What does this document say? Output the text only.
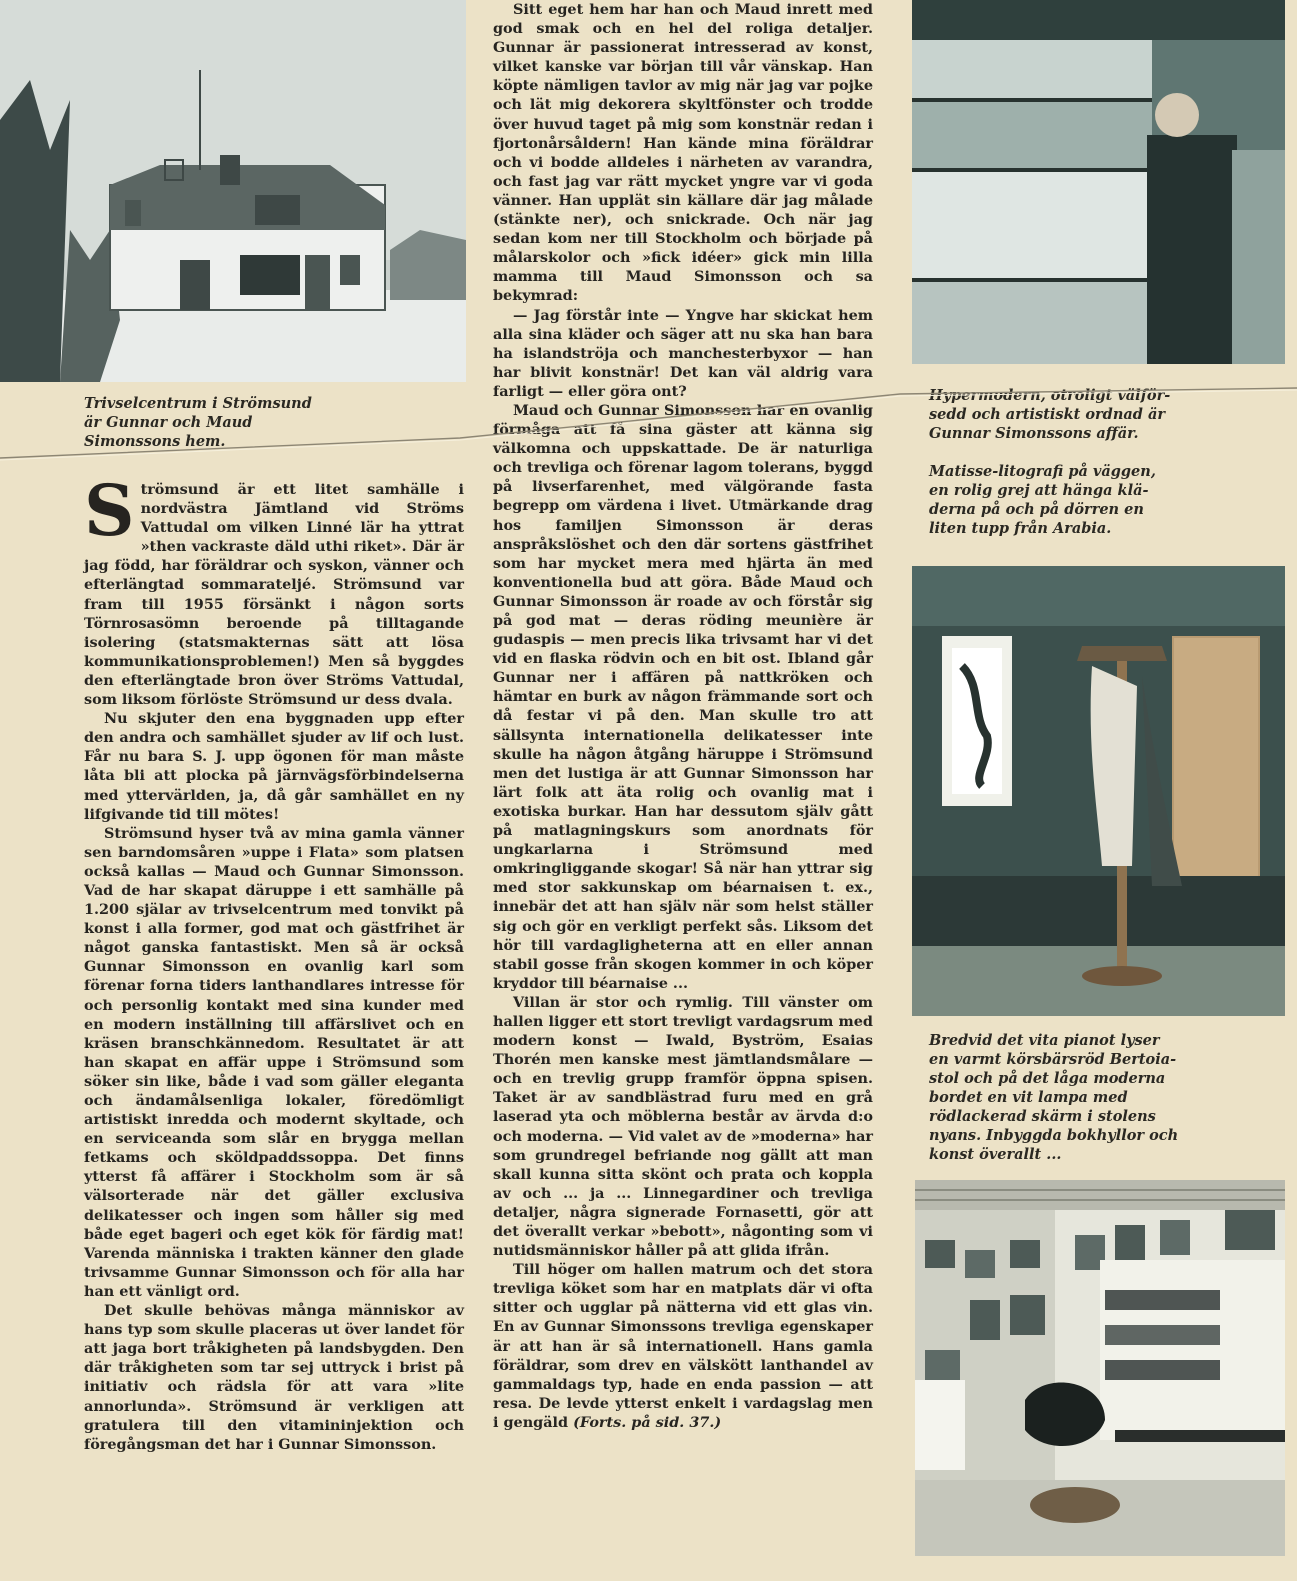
Trivselcentrum i Strömsund
är Gunnar och Maud
Simonssons hem.

Hypermodern, otroligt välför-
sedd och artistiskt ordnad är
Gunnar Simonssons affär.

Matisse-litografi på väggen,
en rolig grej att hänga klä-
derna på och på dörren en
liten tupp från Arabia.

Bredvid det vita pianot lyser
en varmt körsbärsröd Bertoia-
stol och på det låga moderna
bordet en vit lampa med
rödlackerad skärm i stolens
nyans. Inbyggda bokhyllor och
konst överallt ...

Strömsund är ett litet samhälle i nordvästra Jämtland vid Ströms Vattudal om vilken Linné lär ha yttrat »then vackraste däld uthi riket». Där är jag född, har föräldrar och syskon, vänner och efterlängtad sommarateljé. Strömsund var fram till 1955 försänkt i någon sorts Törnrosasömn beroende på tilltagande isolering (statsmakternas sätt att lösa kommunikationsproblemen!) Men så byggdes den efterlängtade bron över Ströms Vattudal, som liksom förlöste Strömsund ur dess dvala.

Nu skjuter den ena byggnaden upp efter den andra och samhället sjuder av lif och lust. Får nu bara S. J. upp ögonen för man måste låta bli att plocka på järnvägsförbindelserna med yttervärlden, ja, då går samhället en ny lifgivande tid till mötes!

Strömsund hyser två av mina gamla vänner sen barndomsåren »uppe i Flata» som platsen också kallas — Maud och Gunnar Simonsson. Vad de har skapat däruppe i ett samhälle på 1.200 själar av trivselcentrum med tonvikt på konst i alla former, god mat och gästfrihet är något ganska fantastiskt. Men så är också Gunnar Simonsson en ovanlig karl som förenar forna tiders lanthandlares intresse för och personlig kontakt med sina kunder med en modern inställning till affärslivet och en kräsen branschkännedom. Resultatet är att han skapat en affär uppe i Strömsund som söker sin like, både i vad som gäller eleganta och ändamålsenliga lokaler, föredömligt artistiskt inredda och modernt skyltade, och en serviceanda som slår en brygga mellan fetkams och sköldpaddssoppa. Det finns ytterst få affärer i Stockholm som är så välsorterade när det gäller exclusiva delikatesser och ingen som håller sig med både eget bageri och eget kök för färdig mat! Varenda människa i trakten känner den glade trivsamme Gunnar Simonsson och för alla har han ett vänligt ord.

Det skulle behövas många människor av hans typ som skulle placeras ut över landet för att jaga bort tråkigheten på landsbygden. Den där tråkigheten som tar sej uttryck i brist på initiativ och rädsla för att vara »lite annorlunda». Strömsund är verkligen att gratulera till den vitamininjektion och föregångsman det har i Gunnar Simonsson.

Sitt eget hem har han och Maud inrett med god smak och en hel del roliga detaljer. Gunnar är passionerat intresserad av konst, vilket kanske var början till vår vänskap. Han köpte nämligen tavlor av mig när jag var pojke och lät mig dekorera skyltfönster och trodde över huvud taget på mig som konstnär redan i fjortonårsåldern! Han kände mina föräldrar och vi bodde alldeles i närheten av varandra, och fast jag var rätt mycket yngre var vi goda vänner. Han upplät sin källare där jag målade (stänkte ner), och snickrade. Och när jag sedan kom ner till Stockholm och började på målarskolor och »fick idéer» gick min lilla mamma till Maud Simonsson och sa bekymrad:

— Jag förstår inte — Yngve har skickat hem alla sina kläder och säger att nu ska han bara ha islandströja och manchesterbyxor — han har blivit konstnär! Det kan väl aldrig vara farligt — eller göra ont?

Maud och Gunnar Simonsson har en ovanlig förmåga att få sina gäster att känna sig välkomna och uppskattade. De är naturliga och trevliga och förenar lagom tolerans, byggd på livserfarenhet, med välgörande fasta begrepp om värdena i livet. Utmärkande drag hos familjen Simonsson är deras anspråkslöshet och den där sortens gästfrihet som har mycket mera med hjärta än med konventionella bud att göra. Både Maud och Gunnar Simonsson är roade av och förstår sig på god mat — deras röding meunière är gudaspis — men precis lika trivsamt har vi det vid en flaska rödvin och en bit ost. Ibland går Gunnar ner i affären på nattkröken och hämtar en burk av någon främmande sort och då festar vi på den. Man skulle tro att sällsynta internationella delikatesser inte skulle ha någon åtgång häruppe i Strömsund men det lustiga är att Gunnar Simonsson har lärt folk att äta rolig och ovanlig mat i exotiska burkar. Han har dessutom själv gått på matlagningskurs som anordnats för ungkarlarna i Strömsund med omkringliggande skogar! Så när han yttrar sig med stor sakkunskap om béarnaisen t. ex., innebär det att han själv när som helst ställer sig och gör en verkligt perfekt sås. Liksom det hör till vardagligheterna att en eller annan stabil gosse från skogen kommer in och köper kryddor till béarnaise ...

Villan är stor och rymlig. Till vänster om hallen ligger ett stort trevligt vardagsrum med modern konst — Iwald, Byström, Esaias Thorén men kanske mest jämtlandsmålare — och en trevlig grupp framför öppna spisen. Taket är av sandblästrad furu med en grå laserad yta och möblerna består av ärvda d:o och moderna. — Vid valet av de »moderna» har som grundregel befriande nog gällt att man skall kunna sitta skönt och prata och koppla av och ... ja ... Linnegardiner och trevliga detaljer, några signerade Fornasetti, gör att det överallt verkar »bebott», någonting som vi nutidsmänniskor håller på att glida ifrån.

Till höger om hallen matrum och det stora trevliga köket som har en matplats där vi ofta sitter och ugglar på nätterna vid ett glas vin. En av Gunnar Simonssons trevliga egenskaper är att han är så internationell. Hans gamla föräldrar, som drev en välskött lanthandel av gammaldags typ, hade en enda passion — att resa. De levde ytterst enkelt i vardagslag men i gengäld (Forts. på sid. 37.)
